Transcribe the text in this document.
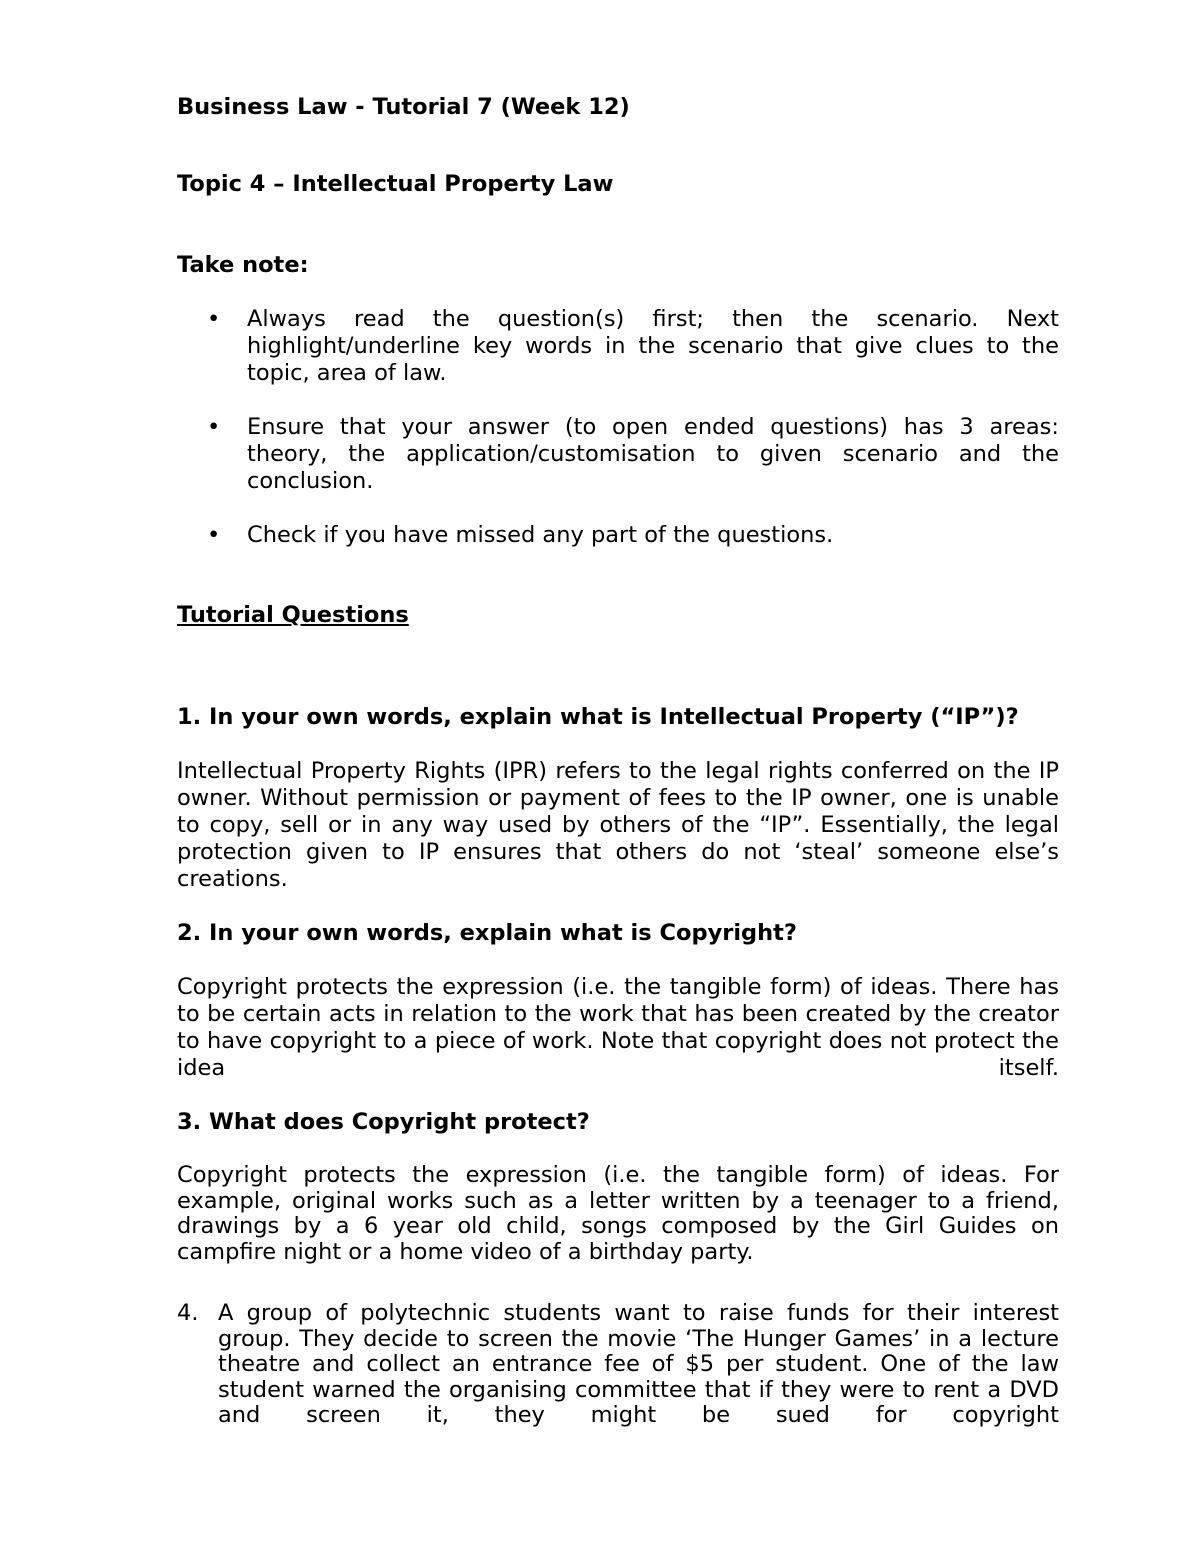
Business Law - Tutorial 7 (Week 12)

Topic 4 – Intellectual Property Law

Take note:

• Always read the question(s) first; then the scenario. Next highlight/underline key words in the scenario that give clues to the topic, area of law.
• Ensure that your answer (to open ended questions) has 3 areas: theory, the application/customisation to given scenario and the conclusion.
• Check if you have missed any part of the questions.

Tutorial Questions

1. In your own words, explain what is Intellectual Property (“IP”)?

Intellectual Property Rights (IPR) refers to the legal rights conferred on the IP owner. Without permission or payment of fees to the IP owner, one is unable to copy, sell or in any way used by others of the “IP”. Essentially, the legal protection given to IP ensures that others do not ‘steal’ someone else’s creations.

2. In your own words, explain what is Copyright?

Copyright protects the expression (i.e. the tangible form) of ideas. There has to be certain acts in relation to the work that has been created by the creator to have copyright to a piece of work. Note that copyright does not protect the idea itself.

3. What does Copyright protect?

Copyright protects the expression (i.e. the tangible form) of ideas. For example, original works such as a letter written by a teenager to a friend, drawings by a 6 year old child, songs composed by the Girl Guides on campfire night or a home video of a birthday party.

4. A group of polytechnic students want to raise funds for their interest group. They decide to screen the movie ‘The Hunger Games’ in a lecture theatre and collect an entrance fee of $5 per student. One of the law student warned the organising committee that if they were to rent a DVD and screen it, they might be sued for copyright
